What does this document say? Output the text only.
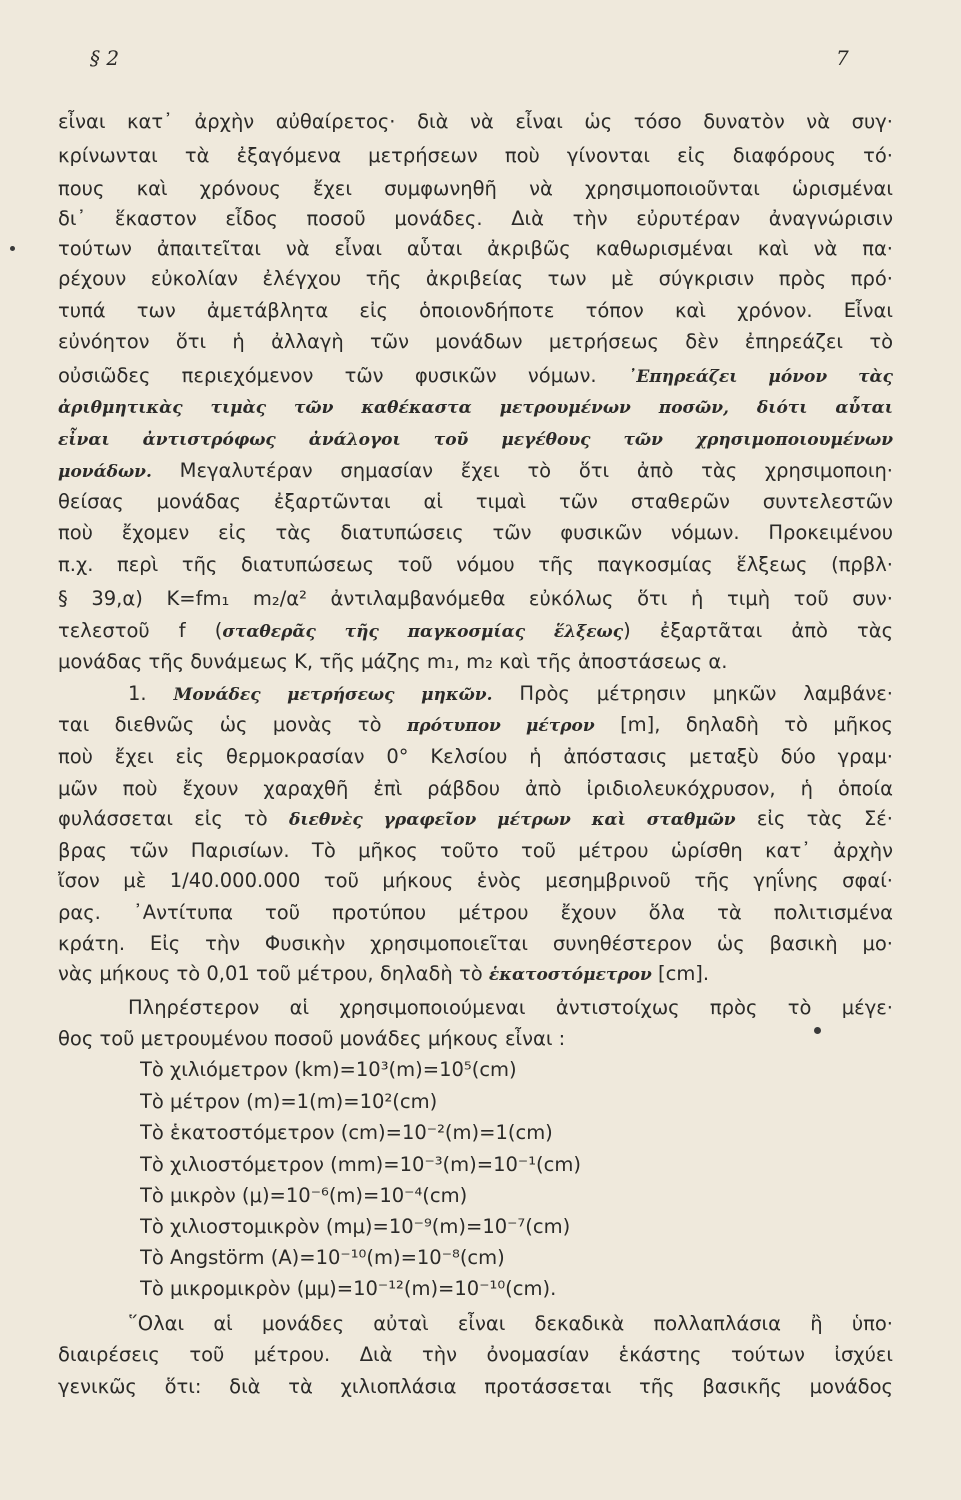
§ 2	7
εἶναι κατ᾽ ἀρχὴν αὐθαίρετος· διὰ νὰ εἶναι ὡς τόσο δυνατὸν νὰ συγ·
κρίνωνται τὰ ἐξαγόμενα μετρήσεων ποὺ γίνονται εἰς διαφόρους τό·
πους καὶ χρόνους ἔχει συμφωνηθῆ νὰ χρησιμοποιοῦνται ὡρισμέναι
δι᾽ ἕκαστον εἶδος ποσοῦ μονάδες. Διὰ τὴν εὐρυτέραν ἀναγνώρισιν
τούτων ἀπαιτεῖται νὰ εἶναι αὗται ἀκριβῶς καθωρισμέναι καὶ νὰ πα·
ρέχουν εὐκολίαν ἐλέγχου τῆς ἀκριβείας των μὲ σύγκρισιν πρὸς πρό·
τυπά των ἀμετάβλητα εἰς ὁποιονδήποτε τόπον καὶ χρόνον. Εἶναι
εὐνόητον ὅτι ἡ ἀλλαγὴ τῶν μονάδων μετρήσεως δὲν ἐπηρεάζει τὸ
οὐσιῶδες περιεχόμενον τῶν φυσικῶν νόμων. ᾽Επηρεάζει μόνον τὰς
ἀριθμητικὰς τιμὰς τῶν καθέκαστα μετρουμένων ποσῶν, διότι αὗται
εἶναι ἀντιστρόφως ἀνάλογοι τοῦ μεγέθους τῶν χρησιμοποιουμένων
μονάδων. Μεγαλυτέραν σημασίαν ἔχει τὸ ὅτι ἀπὸ τὰς χρησιμοποιη·
θείσας μονάδας ἐξαρτῶνται αἱ τιμαὶ τῶν σταθερῶν συντελεστῶν
ποὺ ἔχομεν εἰς τὰς διατυπώσεις τῶν φυσικῶν νόμων. Προκειμένου
π.χ. περὶ τῆς διατυπώσεως τοῦ νόμου τῆς παγκοσμίας ἕλξεως (πρβλ·
§ 39,α) K=fm₁ m₂/α² ἀντιλαμβανόμεθα εὐκόλως ὅτι ἡ τιμὴ τοῦ συν·
τελεστοῦ f (σταθερᾶς τῆς παγκοσμίας ἕλξεως) ἐξαρτᾶται ἀπὸ τὰς
μονάδας τῆς δυνάμεως K, τῆς μάζης m₁, m₂ καὶ τῆς ἀποστάσεως α.
1. Μονάδες μετρήσεως μηκῶν. Πρὸς μέτρησιν μηκῶν λαμβάνε·
ται διεθνῶς ὡς μονὰς τὸ πρότυπον μέτρον [m], δηλαδὴ τὸ μῆκος
ποὺ ἔχει εἰς θερμοκρασίαν 0° Κελσίου ἡ ἀπόστασις μεταξὺ δύο γραμ·
μῶν ποὺ ἔχουν χαραχθῆ ἐπὶ ράβδου ἀπὸ ἰριδιολευκόχρυσον, ἡ ὁποία
φυλάσσεται εἰς τὸ διεθνὲς γραφεῖον μέτρων καὶ σταθμῶν εἰς τὰς Σέ·
βρας τῶν Παρισίων. Τὸ μῆκος τοῦτο τοῦ μέτρου ὡρίσθη κατ᾽ ἀρχὴν
ἴσον μὲ 1/40.000.000 τοῦ μήκους ἑνὸς μεσημβρινοῦ τῆς γηΐνης σφαί·
ρας. ᾽Αντίτυπα τοῦ προτύπου μέτρου ἔχουν ὅλα τὰ πολιτισμένα
κράτη. Εἰς τὴν Φυσικὴν χρησιμοποιεῖται συνηθέστερον ὡς βασικὴ μο·
νὰς μήκους τὸ 0,01 τοῦ μέτρου, δηλαδὴ τὸ ἑκατοστόμετρον [cm].
Πληρέστερον αἱ χρησιμοποιούμεναι ἀντιστοίχως πρὸς τὸ μέγε·
θος τοῦ μετρουμένου ποσοῦ μονάδες μήκους εἶναι :
Τὸ χιλιόμετρον (km)=10³(m)=10⁵(cm)
Τὸ μέτρον (m)=1(m)=10²(cm)
Τὸ ἑκατοστόμετρον (cm)=10⁻²(m)=1(cm)
Τὸ χιλιοστόμετρον (mm)=10⁻³(m)=10⁻¹(cm)
Τὸ μικρὸν (μ)=10⁻⁶(m)=10⁻⁴(cm)
Τὸ χιλιοστομικρὸν (mμ)=10⁻⁹(m)=10⁻⁷(cm)
Τὸ Angstörm (A)=10⁻¹⁰(m)=10⁻⁸(cm)
Τὸ μικρομικρὸν (μμ)=10⁻¹²(m)=10⁻¹⁰(cm).
῞Ολαι αἱ μονάδες αὐταὶ εἶναι δεκαδικὰ πολλαπλάσια ἢ ὑπο·
διαιρέσεις τοῦ μέτρου. Διὰ τὴν ὀνομασίαν ἑκάστης τούτων ἰσχύει
γενικῶς ὅτι: διὰ τὰ χιλιοπλάσια προτάσσεται τῆς βασικῆς μονάδος
